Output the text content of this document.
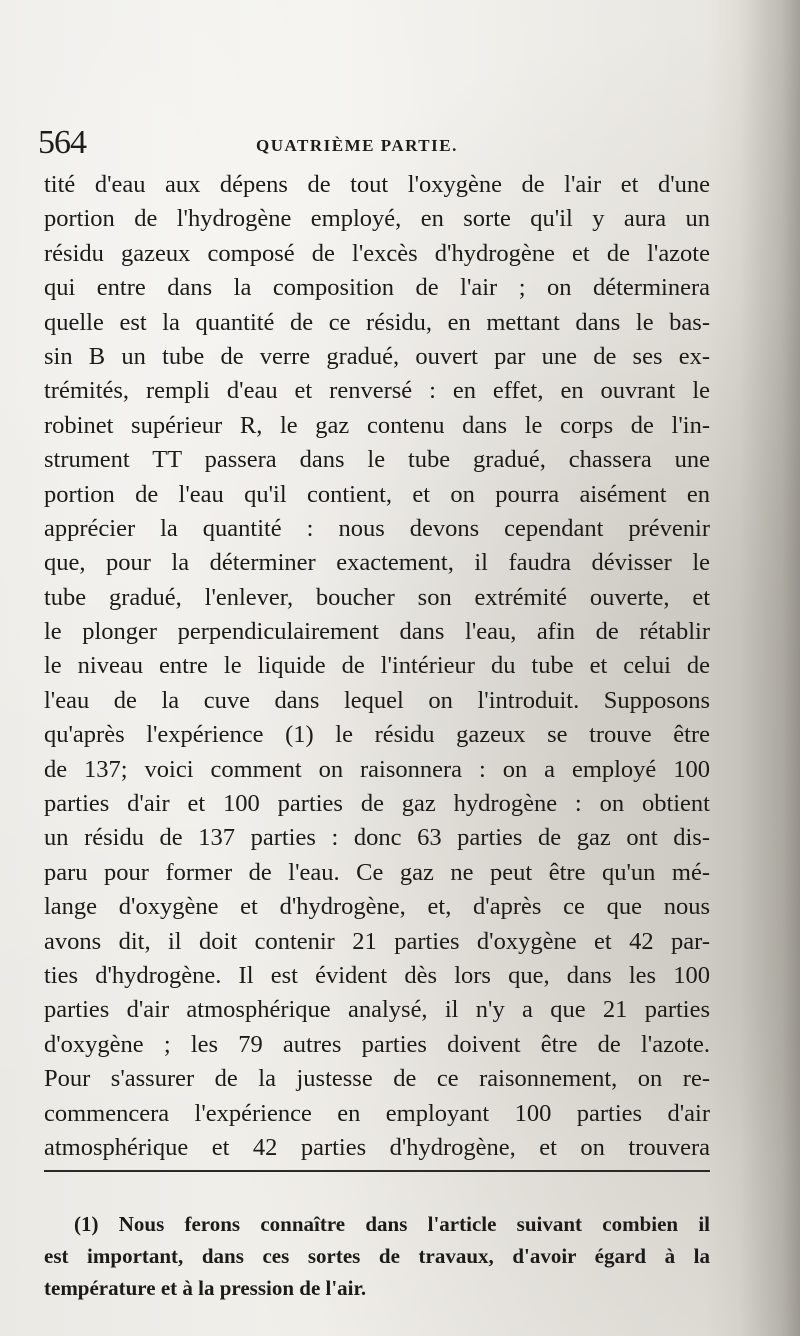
564	QUATRIÈME PARTIE.
tité d'eau aux dépens de tout l'oxygène de l'air et d'une
portion de l'hydrogène employé, en sorte qu'il y aura un
résidu gazeux composé de l'excès d'hydrogène et de l'azote
qui entre dans la composition de l'air ; on déterminera
quelle est la quantité de ce résidu, en mettant dans le bas-
sin B un tube de verre gradué, ouvert par une de ses ex-
trémités, rempli d'eau et renversé : en effet, en ouvrant le
robinet supérieur R, le gaz contenu dans le corps de l'in-
strument TT passera dans le tube gradué, chassera une
portion de l'eau qu'il contient, et on pourra aisément en
apprécier la quantité : nous devons cependant prévenir
que, pour la déterminer exactement, il faudra dévisser le
tube gradué, l'enlever, boucher son extrémité ouverte, et
le plonger perpendiculairement dans l'eau, afin de rétablir
le niveau entre le liquide de l'intérieur du tube et celui de
l'eau de la cuve dans lequel on l'introduit. Supposons
qu'après l'expérience (1) le résidu gazeux se trouve être
de 137; voici comment on raisonnera : on a employé 100
parties d'air et 100 parties de gaz hydrogène : on obtient
un résidu de 137 parties : donc 63 parties de gaz ont dis-
paru pour former de l'eau. Ce gaz ne peut être qu'un mé-
lange d'oxygène et d'hydrogène, et, d'après ce que nous
avons dit, il doit contenir 21 parties d'oxygène et 42 par-
ties d'hydrogène. Il est évident dès lors que, dans les 100
parties d'air atmosphérique analysé, il n'y a que 21 parties
d'oxygène ; les 79 autres parties doivent être de l'azote.
Pour s'assurer de la justesse de ce raisonnement, on re-
commencera l'expérience en employant 100 parties d'air
atmosphérique et 42 parties d'hydrogène, et on trouvera
(1) Nous ferons connaître dans l'article suivant combien il
est important, dans ces sortes de travaux, d'avoir égard à la
température et à la pression de l'air.
